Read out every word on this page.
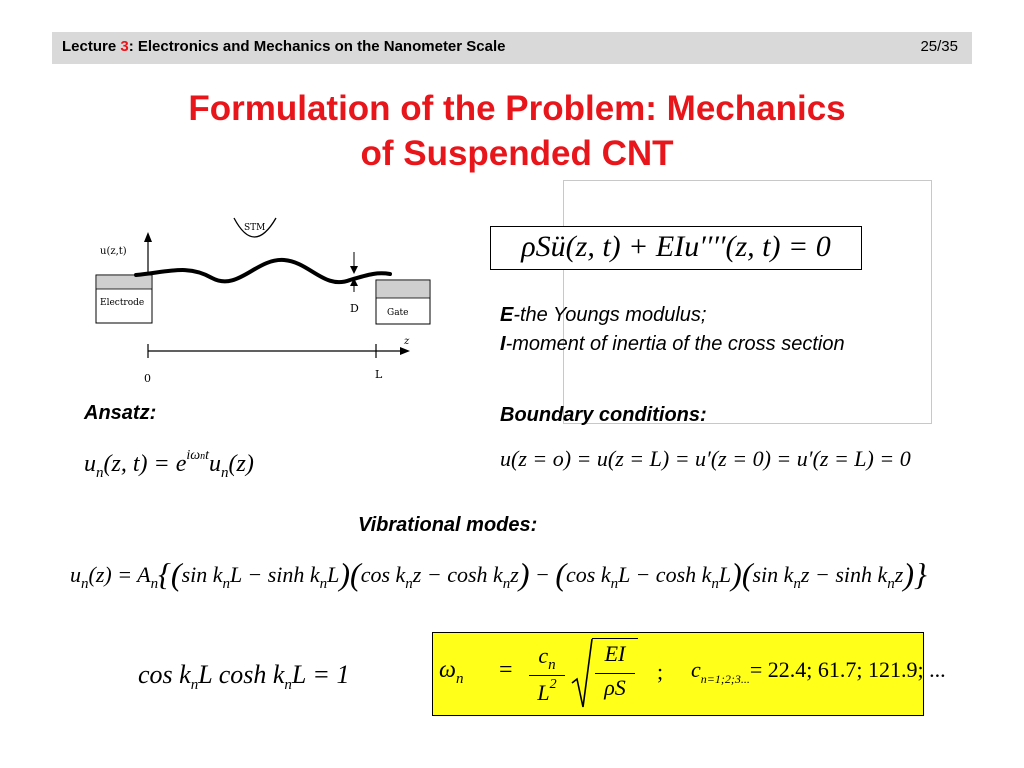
Lecture 3: Electronics and Mechanics on the Nanometer Scale	25/35
Formulation of the Problem: Mechanics
of Suspended CNT
STM
u(z,t)
Electrode
Gate
D
z
0	L
ρSü(z, t) + EIu′′′′(z, t) = 0
E-the Youngs modulus;
I-moment of inertia of the cross section
Ansatz:
$u_n(z$, $t) = e^{i\omega nt}u_n(z)$
Boundary conditions:
u(z = o) = u(z = L) = u′(z = 0) = u′(z = L) = 0
Vibrational modes:
$u_n(z) = A_n\{(\sin$ $k_nL - \sinh k_nL)(\cos$ $k_nz - \cosh k_nz) - (\cos$ $k_nL - \cosh k_nL)(\sin$ $k_nz - \sinh k_nz$)}
$\cos k_nL$ $\cosh k_nL = 1$	$\omega_n$ =
$c_n$
$L^2$
EI
ρS
; $c_{n=1;2;3...}= 22.4$; 61.7; 121.9; ...
